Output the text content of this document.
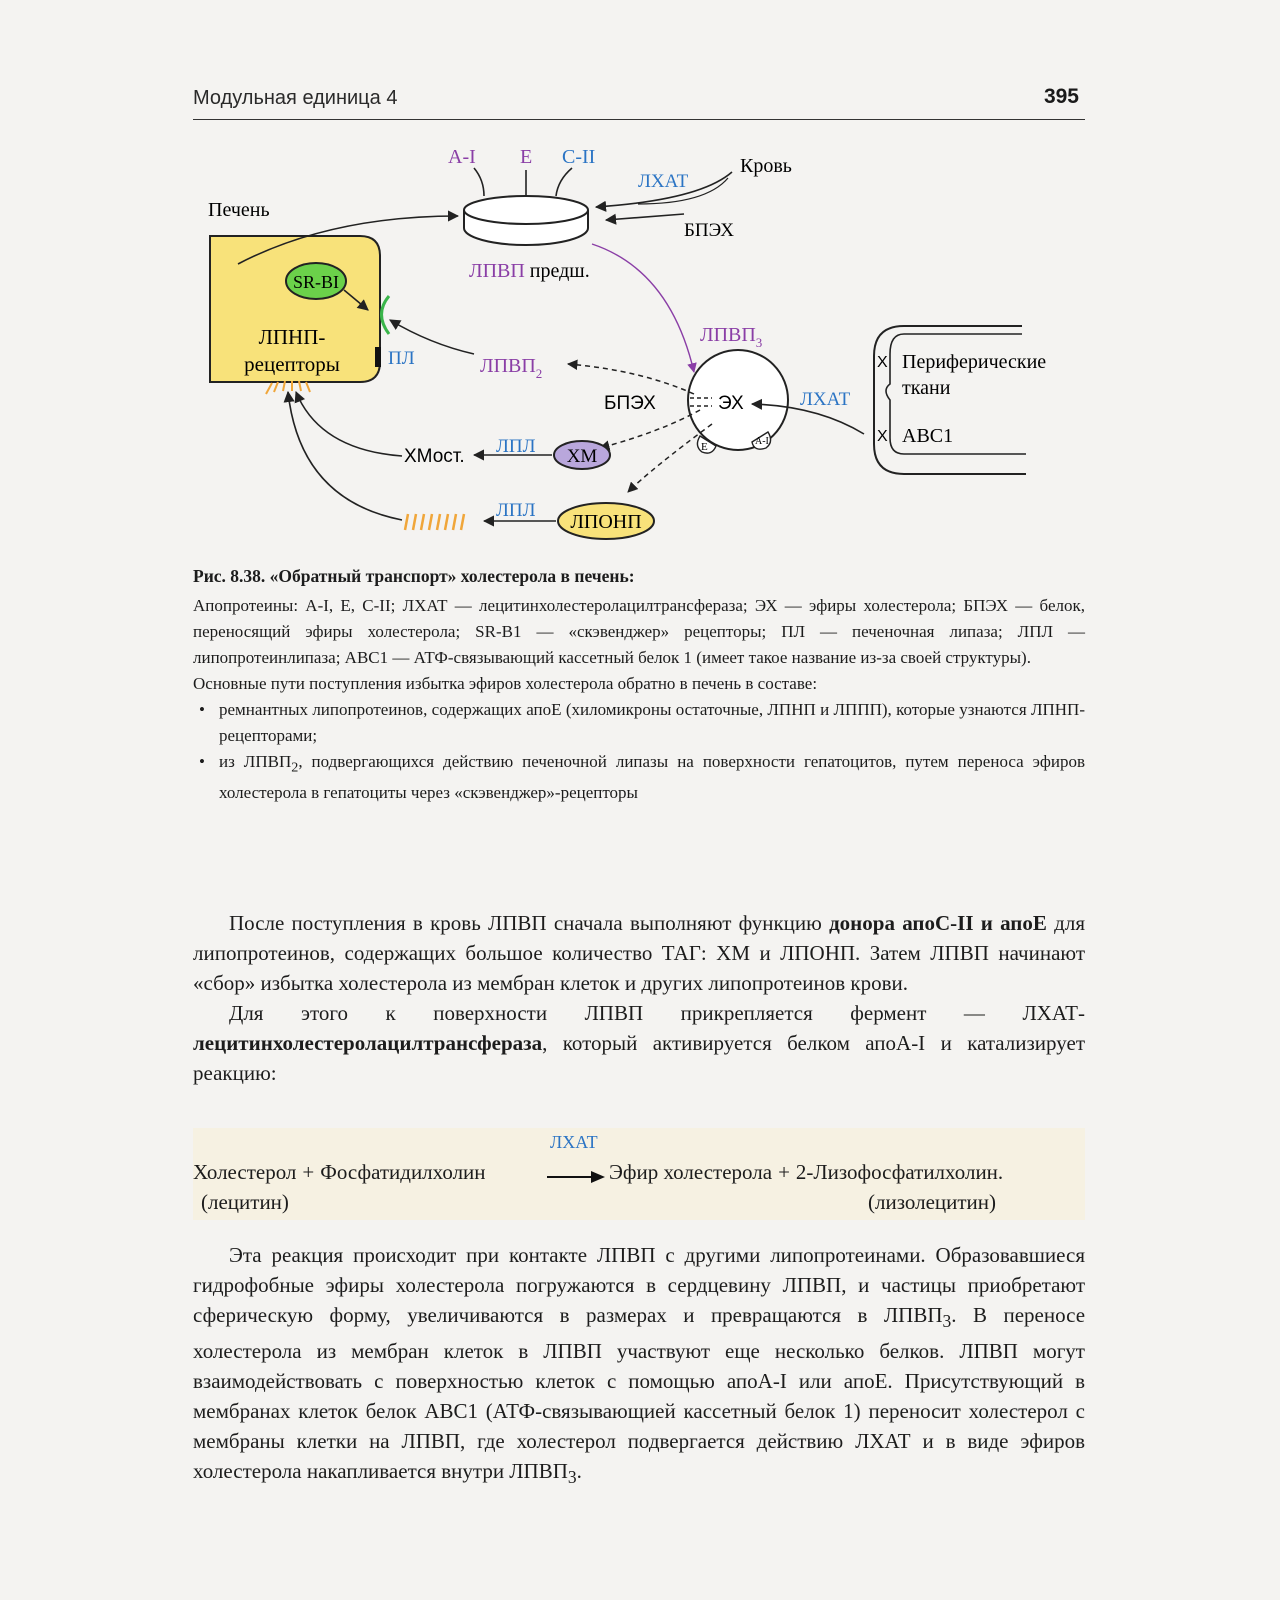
Модульная единица 4	395
Печень
SR-BI
ЛПНП-
рецепторы	ПЛ
ЛПВП предш.
A-I E C-II
ЛХАТ
Кровь
БПЭХ
$ЛПВП_3$
ЭХ
E	A-I
БПЭХ
$ЛПВП_2$
X
X
Периферические
ткани
ABC1
ЛХАТ
ХМ
ЛПЛ
ХМост.
ЛПОНП
ЛПЛ
Рис. 8.38. «Обратный транспорт» холестерола в печень:

Апопротеины: A-I, E, C-II; ЛХАТ — лецитинхолестеролацилтрансфераза; ЭХ — эфиры холестерола; БПЭХ — белок, переносящий эфиры холестерола; SR-B1 — «скэвенджер» рецепторы; ПЛ — печеночная липаза; ЛПЛ — липопротеинлипаза; ABC1 — АТФ-связывающий кассетный белок 1 (имеет такое название из-за своей структуры).

Основные пути поступления избытка эфиров холестерола обратно в печень в составе:

• ремнантных липопротеинов, содержащих апоЕ (хиломикроны остаточные, ЛПНП и ЛППП), которые узнаются ЛПНП-рецепторами;
• из $ЛПВП_2$, подвергающихся действию печеночной липазы на поверхности гепатоцитов, путем переноса эфиров холестерола в гепатоциты через «скэвенджер»-рецепторы

После поступления в кровь ЛПВП сначала выполняют функцию донора апоС-II и апоЕ для липопротеинов, содержащих большое количество ТАГ: ХМ и ЛПОНП. Затем ЛПВП начинают «сбор» избытка холестерола из мембран клеток и других липопротеинов крови.

Для этого к поверхности ЛПВП прикрепляется фермент — ЛХАТ-лецитинхолестеролацилтрансфераза, который активируется белком апоА-I и катализирует реакцию:

ЛХАТ
Холестерол + Фосфатидилхолин	→ Эфир холестерола + 2-Лизофосфатилхолин.
(лецитин)	(лизолецитин)

Эта реакция происходит при контакте ЛПВП с другими липопротеинами. Образовавшиеся гидрофобные эфиры холестерола погружаются в сердцевину ЛПВП, и частицы приобретают сферическую форму, увеличиваются в размерах и превращаются в $ЛПВП_3$. В переносе холестерола из мембран клеток в ЛПВП участвуют еще несколько белков. ЛПВП могут взаимодействовать с поверхностью клеток с помощью апоА-I или апоЕ. Присутствующий в мембранах клеток белок АВС1 (АТФ-связывающией кассетный белок 1) переносит холестерол с мембраны клетки на ЛПВП, где холестерол подвергается действию ЛХАТ и в виде эфиров холестерола накапливается внутри $ЛПВП_3$.
